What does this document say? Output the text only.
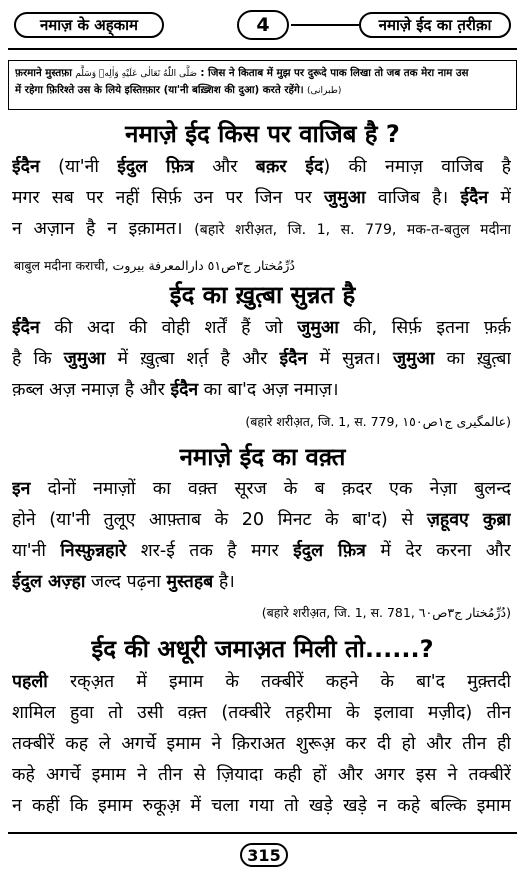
नमाज़ के अह्‌काम	4	नमाज़े ईद का त़रीक़ा
फ़रमाने मुस्तफ़ा صَلَّى اللّٰهُ تَعَالٰى عَلَيْهِ وَاٰلِهٖ وَسَلَّم : जिस ने किताब में मुझ पर दुरूदे पाक लिखा तो जब तक मेरा नाम उस
में रहेगा फ़िरिश्ते उस के लिये इस्तिग़्फ़ार (या'नी बख़्शिश की दुआ) करते रहेंगे। (طبرانی)
नमाज़े ईद किस पर वाजिब है ?
ईदैन (या'नी ईदुल फ़ित्र और बक़र ईद) की नमाज़ वाजिब है
मगर सब पर नहीं सिर्फ़ उन पर जिन पर जुमुआ वाजिब है। ईदैन में
न अज़ान है न इक़ामत। (बहारे शरीअ़त, जि. 1, स. 779, मक-त-बतुल मदीना
बाबुल मदीना कराची, دُرِّمُختار ج٣ص٥١ دارالمعرفة بيروت
ईद का ख़ुत़्बा सुन्नत है
ईदैन की अदा की वोही शर्तें हैं जो जुमुआ की, सिर्फ़ इतना फ़र्क़
है कि जुमुआ में ख़ुत़्बा शर्त़ है और ईदैन में सुन्नत। जुमुआ का ख़ुत़्बा
क़ब्ल अज़ नमाज़ है और ईदैन का बा'द अज़ नमाज़।
(बहारे शरीअ़त, जि. 1, स. 779, عالمگیری ج١ص١٥٠)
नमाज़े ईद का वक़्त
इन दोनों नमाज़ों का वक़्त सूरज के ब क़दर एक नेज़ा बुलन्द
होने (या'नी तुलूए आफ़्ताब के 20 मिनट के बा'द) से ज़हूवए कुब्रा
या'नी निस्फ़ुन्नहारे शर-ई तक है मगर ईदुल फ़ित्र में देर करना और
ईदुल अज़्हा जल्द पढ़ना मुस्तहब है।
(बहारे शरीअ़त, जि. 1, स. 781, دُرِّمُختار ج٣ص٦٠)
ईद की अधूरी जमाअ़त मिली तो......?
पहली रक्‌अ़त में इमाम के तक्बीरें कहने के बा'द मुक़्तदी
शामिल हुवा तो उसी वक़्त (तक्बीरे तह़रीमा के इलावा मज़ीद) तीन
तक्बीरें कह ले अगर्चे इमाम ने क़िराअत शुरूअ़ कर दी हो और तीन ही
कहे अगर्चे इमाम ने तीन से ज़ियादा कही हों और अगर इस ने तक्बीरें
न कहीं कि इमाम रुकूअ़ में चला गया तो खड़े खड़े न कहे बल्कि इमाम
315
